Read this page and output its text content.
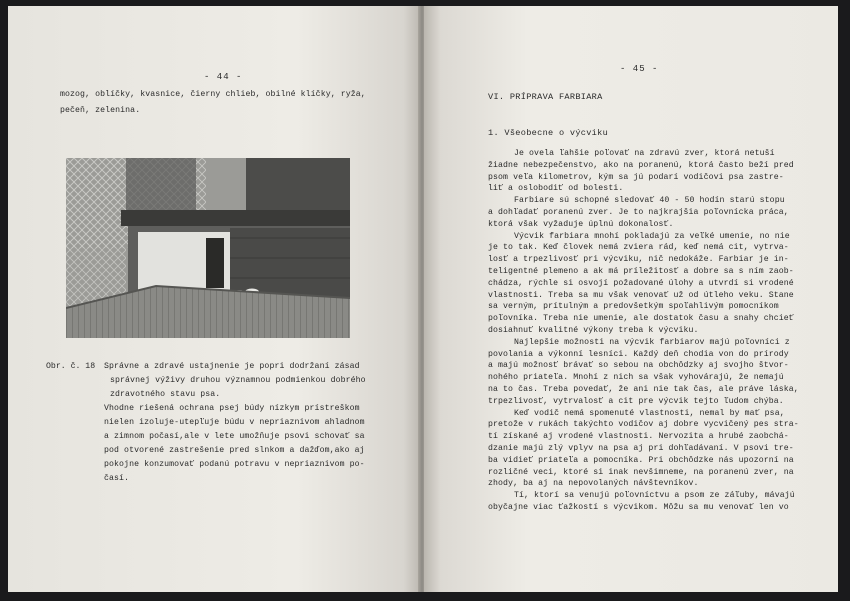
- 44 -
mozog, oblíčky, kvasnice, čierny chlieb, obilné klíčky, ryža,
pečeň, zelenina.
Obr. č. 18 Správne a zdravé ustajnenie je popri dodržaní zásad
správnej výživy druhou významnou podmienkou dobrého
zdravotného stavu psa.
Vhodne riešená ochrana psej búdy nízkym prístreškom
nielen izoluje-utepľuje búdu v nepriaznivom ahladnom
a zimnom počasí,ale v lete umožňuje psovi schovať sa
pod otvorené zastrešenie pred slnkom a dažďom,ako aj
pokojne konzumovať podanú potravu v nepriaznivom po-
časí.
- 45 -
VI. PRÍPRAVA FARBIARA
1. Všeobecne o výcviku
Je ovela ľahšie poľovať na zdravú zver, ktorá netuší
žiadne nebezpečenstvo, ako na poranenú, ktorá často beží pred
psom veľa kilometrov, kým sa jú podarí vodičovi psa zastre-
liť a oslobodiť od bolesti.
Farbiare sú schopné sledovať 40 - 50 hodín starú stopu
a dohľadať poranenú zver. Je to najkrajšia poľovnícka práca,
ktorá však vyžaduje úplnú dokonalosť.
Výcvik farbiara mnohí pokladajú za veľké umenie, no nie
je to tak. Keď človek nemá zviera rád, keď nemá cit, vytrva-
losť a trpezlivosť pri výcviku, nič nedokáže. Farbiar je in-
teligentné plemeno a ak má príležitosť a dobre sa s ním zaob-
chádza, rýchle si osvojí požadované úlohy a utvrdí si vrodené
vlastnosti. Treba sa mu však venovať už od útleho veku. Stane
sa verným, prítulným a predovšetkým spoľahlivým pomocníkom
poľovníka. Treba nie umenie, ale dostatok času a snahy chcieť
dosiahnuť kvalitné výkony treba k výcviku.
Najlepšie možnosti na výcvik farbiarov majú poľovníci z
povolania a výkonní lesníci. Každý deň chodia von do prírody
a majú možnosť brávať so sebou na obchôdzky aj svojho štvor-
nohého priateľa. Mnohí z nich sa však vyhovárajú, že nemajú
na to čas. Treba povedať, že ani nie tak čas, ale práve láska,
trpezlivosť, vytrvalosť a cit pre výcvik tejto ľudom chýba.
Keď vodič nemá spomenuté vlastnosti, nemal by mať psa,
pretože v rukách takýchto vodičov aj dobre vycvičený pes stra-
tí získané aj vrodené vlastnosti. Nervozita a hrubé zaobchá-
dzanie majú zlý vplyv na psa aj pri dohľadávaní. V psovi tre-
ba vidieť priateľa a pomocníka. Pri obchôdzke nás upozorní na
rozličné veci, ktoré si inak nevšimneme, na poranenú zver, na
zhody, ba aj na nepovolaných návštevníkov.
Tí, ktorí sa venujú poľovníctvu a psom ze záľuby, mávajú
obyčajne viac ťažkostí s výcvikom. Môžu sa mu venovať len vo
